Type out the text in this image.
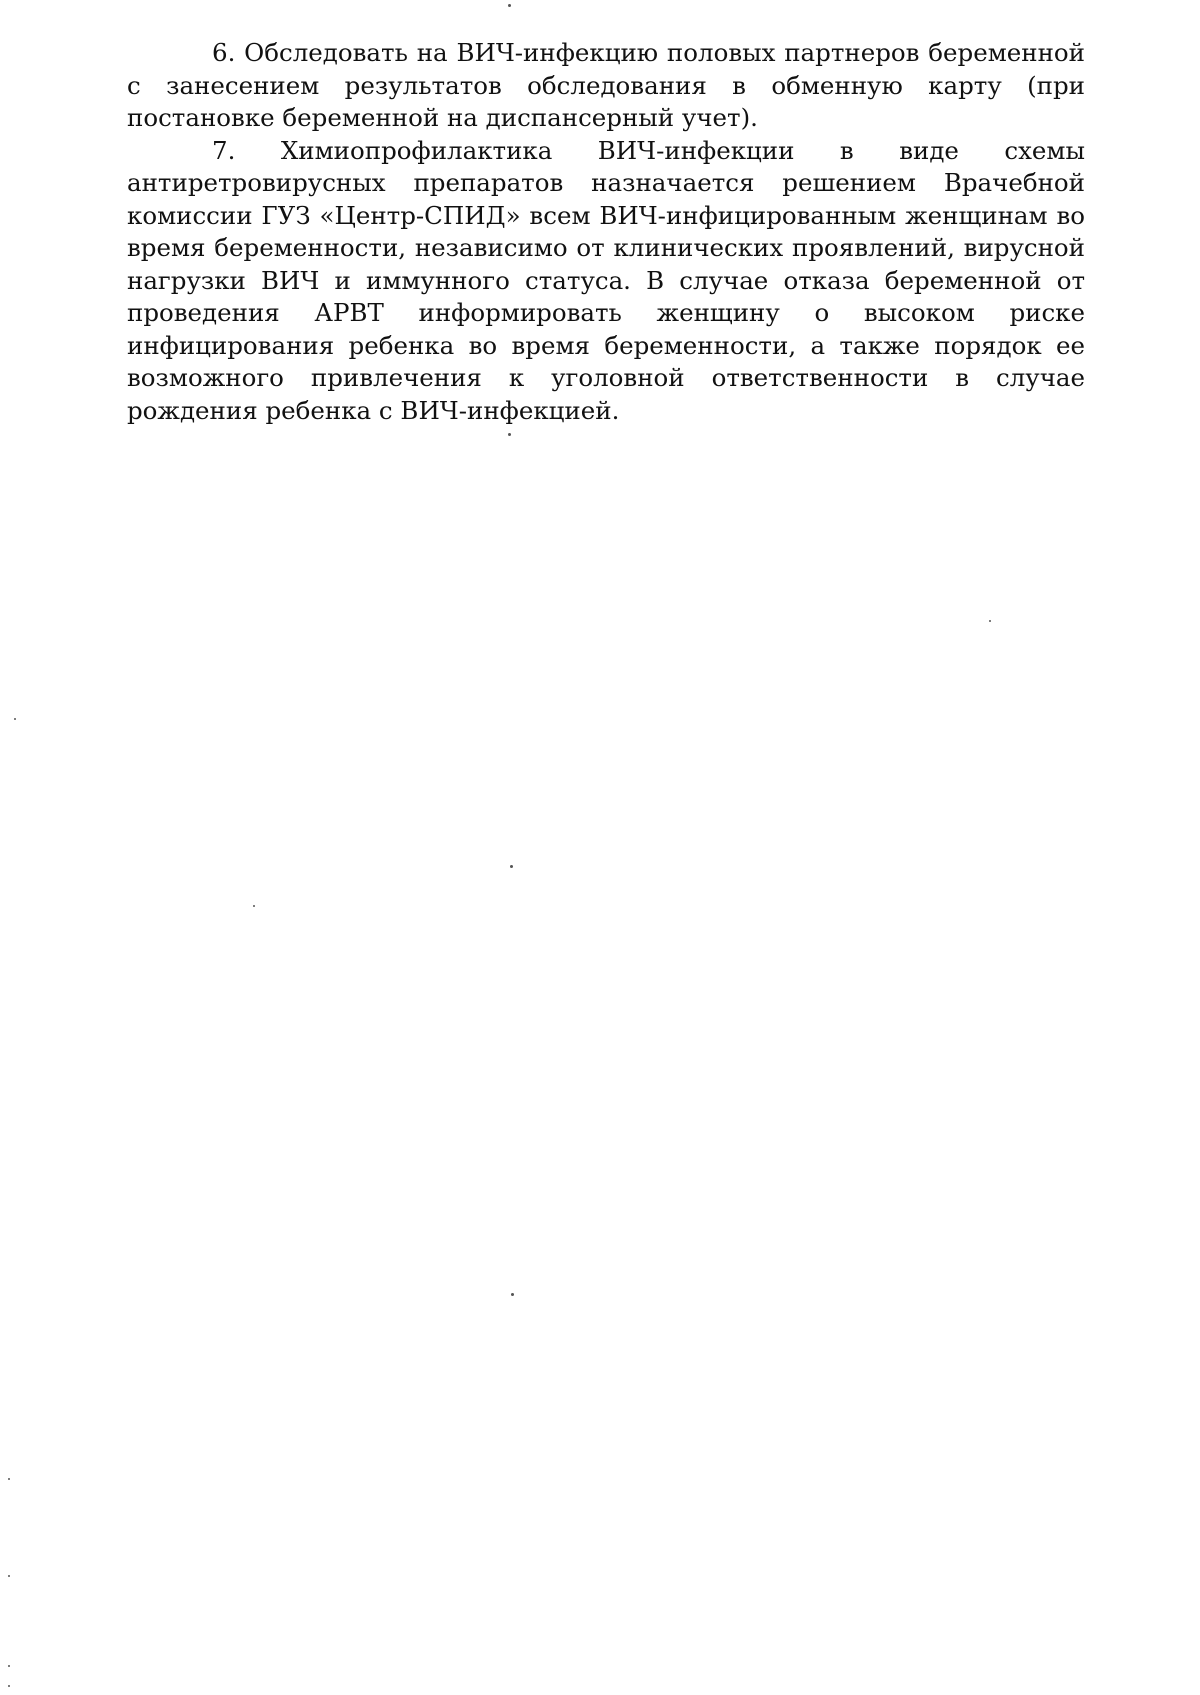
6. Обследовать на ВИЧ-инфекцию половых партнеров беременной с занесением результатов обследования в обменную карту (при постановке беременной на диспансерный учет).

7. Химиопрофилактика ВИЧ-инфекции в виде схемы антиретровирусных препаратов назначается решением Врачебной комиссии ГУЗ «Центр-СПИД» всем ВИЧ-инфицированным женщинам во время беременности, независимо от клинических проявлений, вирусной нагрузки ВИЧ и иммунного статуса. В случае отказа беременной от проведения АРВТ информировать женщину о высоком риске инфицирования ребенка во время беременности, а также порядок ее возможного привлечения к уголовной ответственности в случае рождения ребенка с ВИЧ-инфекцией.
